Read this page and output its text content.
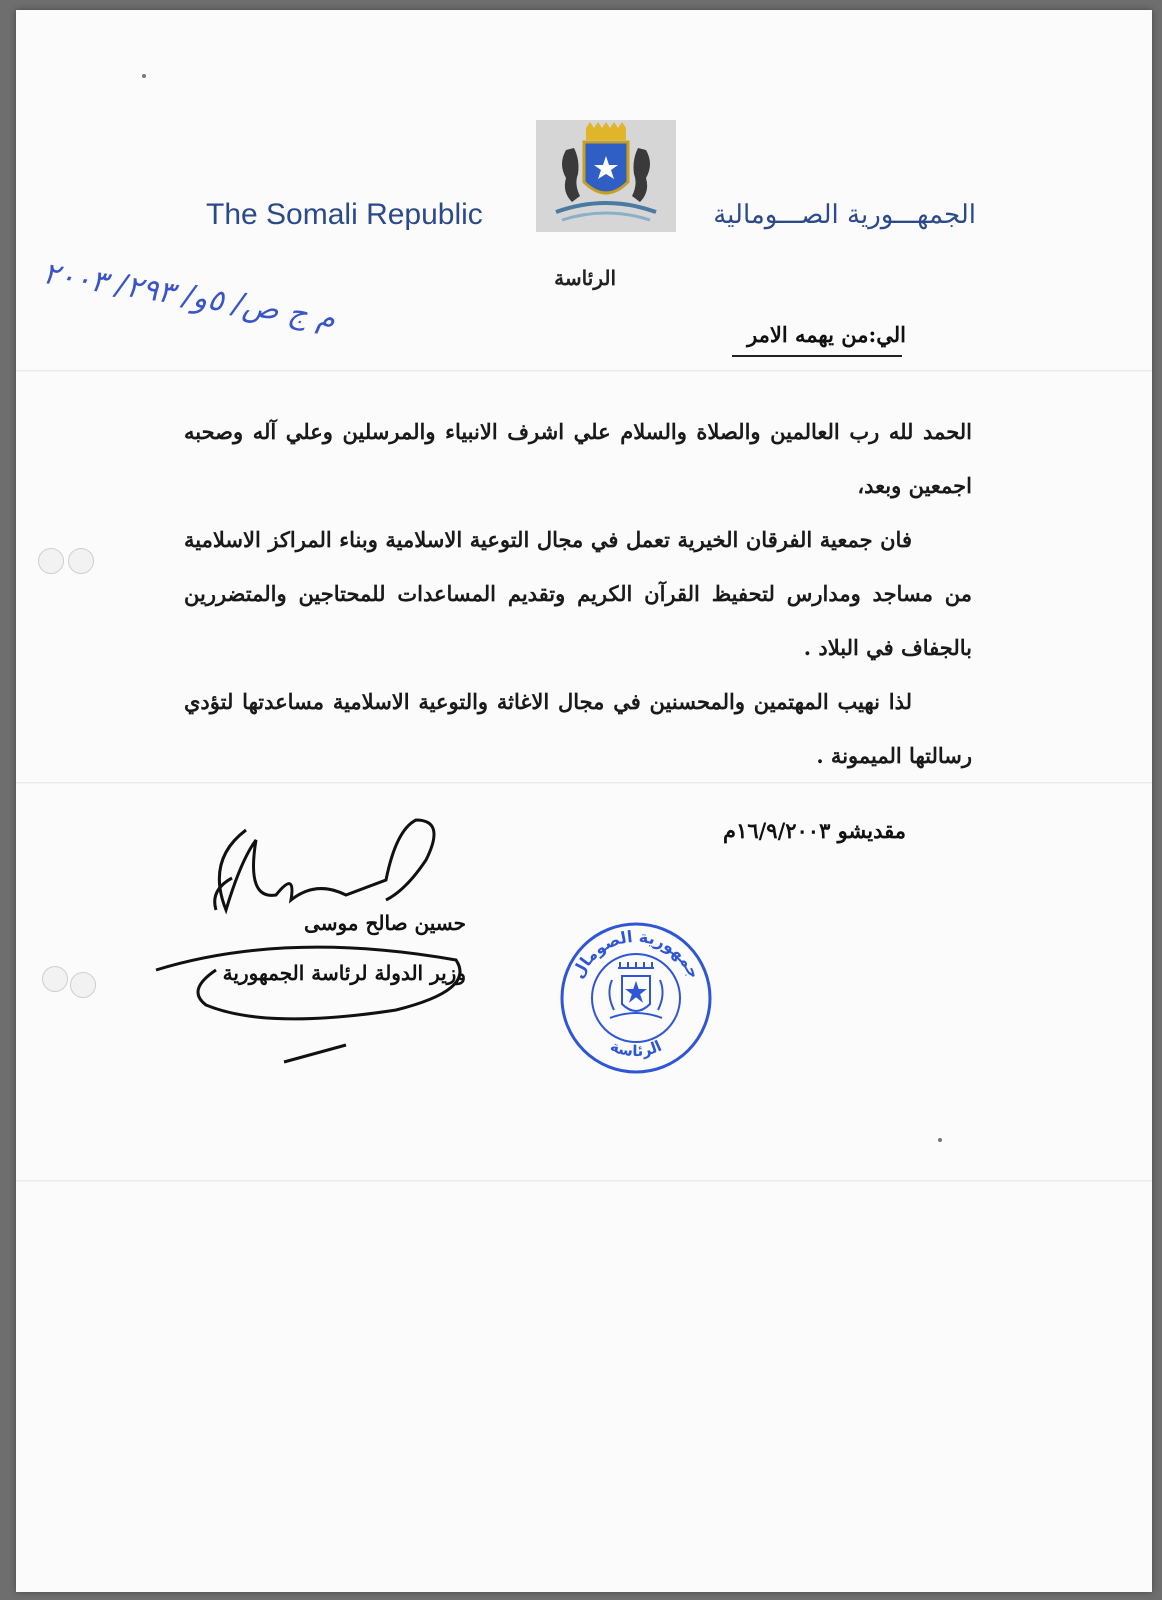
The Somali Republic	الجمهـــورية الصـــومالية
الرئاسة
م ج ص/ ٥و/ ٢٩٣/ ٢٠٠٣	الي:من يهمه الامر

الحمد لله رب العالمين والصلاة والسلام علي اشرف الانبياء والمرسلين وعلي آله وصحبه اجمعين وبعد،

فان جمعية الفرقان الخيرية تعمل في مجال التوعية الاسلامية وبناء المراكز الاسلامية من مساجد ومدارس لتحفيظ القرآن الكريم وتقديم المساعدات للمحتاجين والمتضررين بالجفاف في البلاد .

لذا نهيب المهتمين والمحسنين في مجال الاغاثة والتوعية الاسلامية مساعدتها لتؤدي رسالتها الميمونة .

مقديشو ١٦/٩/٢٠٠٣م
حسين صالح موسى
وزير الدولة لرئاسة الجمهورية	جمهورية الصومال
الرئاسة
